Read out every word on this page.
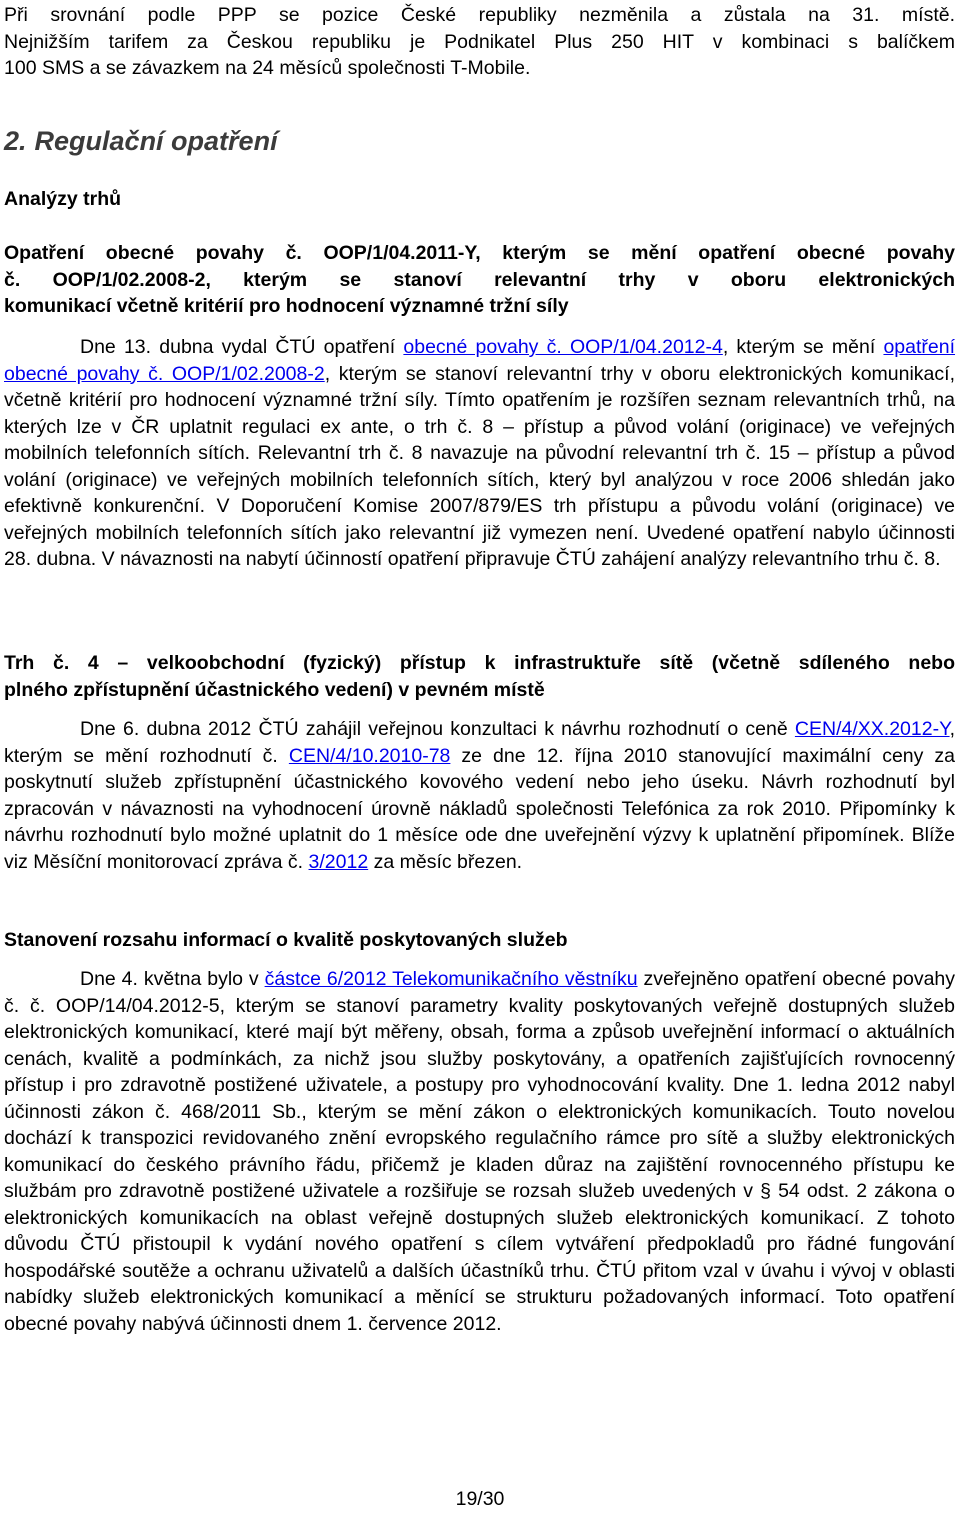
Při srovnání podle PPP se pozice České republiky nezměnila a zůstala na 31. místě.
Nejnižším tarifem za Českou republiku je Podnikatel Plus 250 HIT v kombinaci s balíčkem
100 SMS a se závazkem na 24 měsíců společnosti T-Mobile.
2. Regulační opatření
Analýzy trhů
Opatření obecné povahy č. OOP/1/04.2011-Y, kterým se mění opatření obecné povahy
č. OOP/1/02.2008-2, kterým se stanoví relevantní trhy v oboru elektronických
komunikací včetně kritérií pro hodnocení významné tržní síly
Dne 13. dubna vydal ČTÚ opatření obecné povahy č. OOP/1/04.2012-4, kterým se mění opatření obecné povahy č. OOP/1/02.2008-2, kterým se stanoví relevantní trhy v oboru elektronických komunikací, včetně kritérií pro hodnocení významné tržní síly. Tímto opatřením je rozšířen seznam relevantních trhů, na kterých lze v ČR uplatnit regulaci ex ante, o trh č. 8 – přístup a původ volání (originace) ve veřejných mobilních telefonních sítích. Relevantní trh č. 8 navazuje na původní relevantní trh č. 15 – přístup a původ volání (originace) ve veřejných mobilních telefonních sítích, který byl analýzou v roce 2006 shledán jako efektivně konkurenční. V Doporučení Komise 2007/879/ES trh přístupu a původu volání (originace) ve veřejných mobilních telefonních sítích jako relevantní již vymezen není. Uvedené opatření nabylo účinnosti 28. dubna. V návaznosti na nabytí účinností opatření připravuje ČTÚ zahájení analýzy relevantního trhu č. 8.
Trh č. 4 – velkoobchodní (fyzický) přístup k infrastruktuře sítě (včetně sdíleného nebo
plného zpřístupnění účastnického vedení) v pevném místě
Dne 6. dubna 2012 ČTÚ zahájil veřejnou konzultaci k návrhu rozhodnutí o ceně CEN/4/XX.2012-Y, kterým se mění rozhodnutí č. CEN/4/10.2010-78 ze dne 12. října 2010 stanovující maximální ceny za poskytnutí služeb zpřístupnění účastnického kovového vedení nebo jeho úseku. Návrh rozhodnutí byl zpracován v návaznosti na vyhodnocení úrovně nákladů společnosti Telefónica za rok 2010. Připomínky k návrhu rozhodnutí bylo možné uplatnit do 1 měsíce ode dne uveřejnění výzvy k uplatnění připomínek. Blíže viz Měsíční monitorovací zpráva č. 3/2012 za měsíc březen.
Stanovení rozsahu informací o kvalitě poskytovaných služeb
Dne 4. května bylo v částce 6/2012 Telekomunikačního věstníku zveřejněno opatření obecné povahy č. č. OOP/14/04.2012-5, kterým se stanoví parametry kvality poskytovaných veřejně dostupných služeb elektronických komunikací, které mají být měřeny, obsah, forma a způsob uveřejnění informací o aktuálních cenách, kvalitě a podmínkách, za nichž jsou služby poskytovány, a opatřeních zajišťujících rovnocenný přístup i pro zdravotně postižené uživatele, a postupy pro vyhodnocování kvality. Dne 1. ledna 2012 nabyl účinnosti zákon č. 468/2011 Sb., kterým se mění zákon o elektronických komunikacích. Touto novelou dochází k transpozici revidovaného znění evropského regulačního rámce pro sítě a služby elektronických komunikací do českého právního řádu, přičemž je kladen důraz na zajištění rovnocenného přístupu ke službám pro zdravotně postižené uživatele a rozšiřuje se rozsah služeb uvedených v § 54 odst. 2 zákona o elektronických komunikacích na oblast veřejně dostupných služeb elektronických komunikací. Z tohoto důvodu ČTÚ přistoupil k vydání nového opatření s cílem vytváření předpokladů pro řádné fungování hospodářské soutěže a ochranu uživatelů a dalších účastníků trhu. ČTÚ přitom vzal v úvahu i vývoj v oblasti nabídky služeb elektronických komunikací a měnící se strukturu požadovaných informací. Toto opatření obecné povahy nabývá účinnosti dnem 1. července 2012.
19/30
